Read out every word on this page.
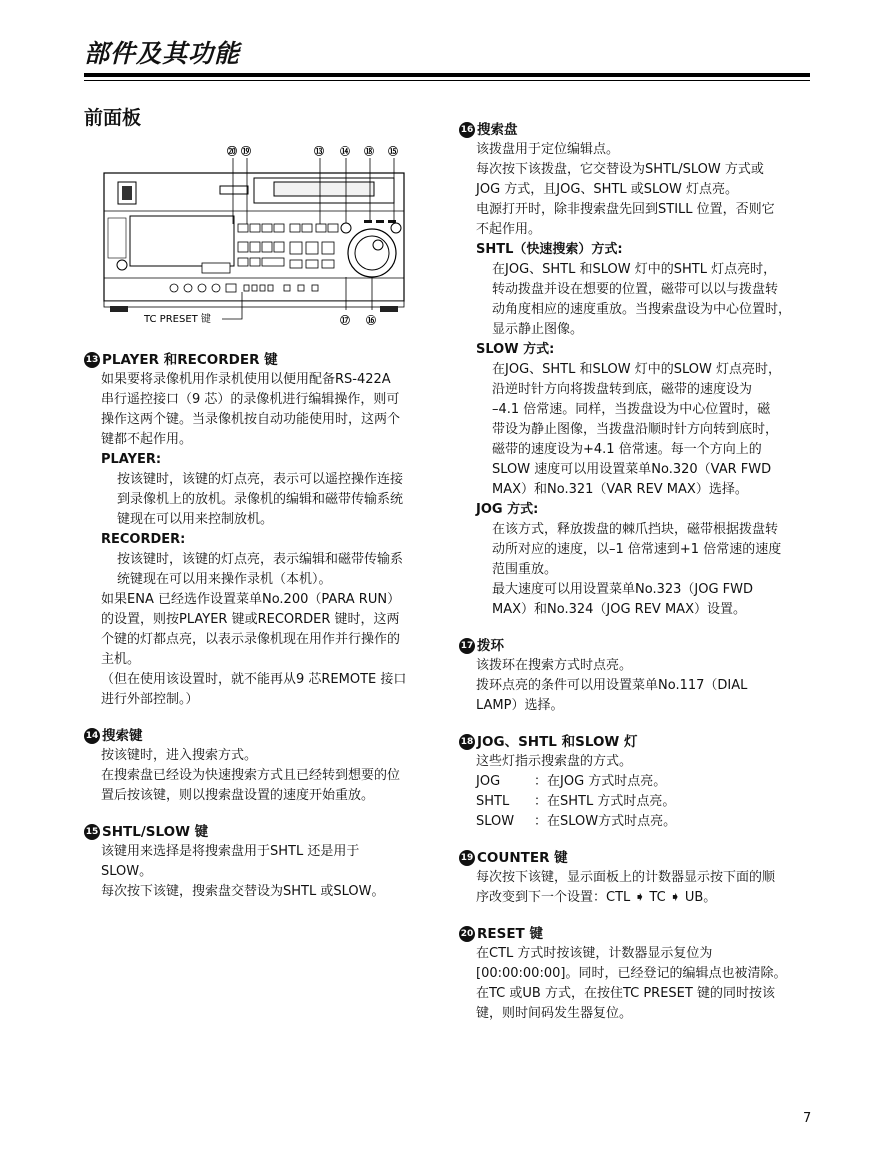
部件及其功能
前面板
⑳ ⑲	⑬ ⑭ ⑱ ⑮
⑰ ⑯
TC PRESET 键
13 PLAYER 和RECORDER 键
如果要将录像机用作录机使用以便用配备RS-422A
串行遥控接口（9 芯）的录像机进行编辑操作，则可
操作这两个键。当录像机按自动功能使用时，这两个
键都不起作用。
PLAYER:
按该键时，该键的灯点亮，表示可以遥控操作连接
到录像机上的放机。录像机的编辑和磁带传输系统
键现在可以用来控制放机。
RECORDER:
按该键时，该键的灯点亮，表示编辑和磁带传输系
统键现在可以用来操作录机（本机）。
如果ENA 已经选作设置菜单No.200（PARA RUN）
的设置，则按PLAYER 键或RECORDER 键时，这两
个键的灯都点亮，以表示录像机现在用作并行操作的
主机。
（但在使用该设置时，就不能再从9 芯REMOTE 接口
进行外部控制。）
14 搜索键
按该键时，进入搜索方式。
在搜索盘已经设为快速搜索方式且已经转到想要的位
置后按该键，则以搜索盘设置的速度开始重放。
15 SHTL/SLOW 键
该键用来选择是将搜索盘用于SHTL 还是用于
SLOW。
每次按下该键，搜索盘交替设为SHTL 或SLOW。
16 搜索盘
该拨盘用于定位编辑点。
每次按下该拨盘，它交替设为SHTL/SLOW 方式或
JOG 方式，且JOG、SHTL 或SLOW 灯点亮。
电源打开时，除非搜索盘先回到STILL 位置，否则它
不起作用。
SHTL（快速搜索）方式:
在JOG、SHTL 和SLOW 灯中的SHTL 灯点亮时，
转动拨盘并设在想要的位置，磁带可以以与拨盘转
动角度相应的速度重放。当搜索盘设为中心位置时，
显示静止图像。
SLOW 方式:
在JOG、SHTL 和SLOW 灯中的SLOW 灯点亮时，
沿逆时针方向将拨盘转到底，磁带的速度设为
–4.1 倍常速。同样，当拨盘设为中心位置时，磁
带设为静止图像，当拨盘沿顺时针方向转到底时，
磁带的速度设为+4.1 倍常速。每一个方向上的
SLOW 速度可以用设置菜单No.320（VAR FWD
MAX）和No.321（VAR REV MAX）选择。
JOG 方式:
在该方式，释放拨盘的棘爪挡块，磁带根据拨盘转
动所对应的速度，以–1 倍常速到+1 倍常速的速度
范围重放。
最大速度可以用设置菜单No.323（JOG FWD
MAX）和No.324（JOG REV MAX）设置。
17 拨环
该拨环在搜索方式时点亮。
拨环点亮的条件可以用设置菜单No.117（DIAL
LAMP）选择。
18 JOG、SHTL 和SLOW 灯
这些灯指示搜索盘的方式。
JOG	：在JOG 方式时点亮。
SHTL	：在SHTL 方式时点亮。
SLOW	：在SLOW方式时点亮。
19 COUNTER 键
每次按下该键，显示面板上的计数器显示按下面的顺
序改变到下一个设置：CTL ➧ TC ➧ UB。
20 RESET 键
在CTL 方式时按该键，计数器显示复位为
[00:00:00:00]。同时，已经登记的编辑点也被清除。
在TC 或UB 方式，在按住TC PRESET 键的同时按该
键，则时间码发生器复位。
7
